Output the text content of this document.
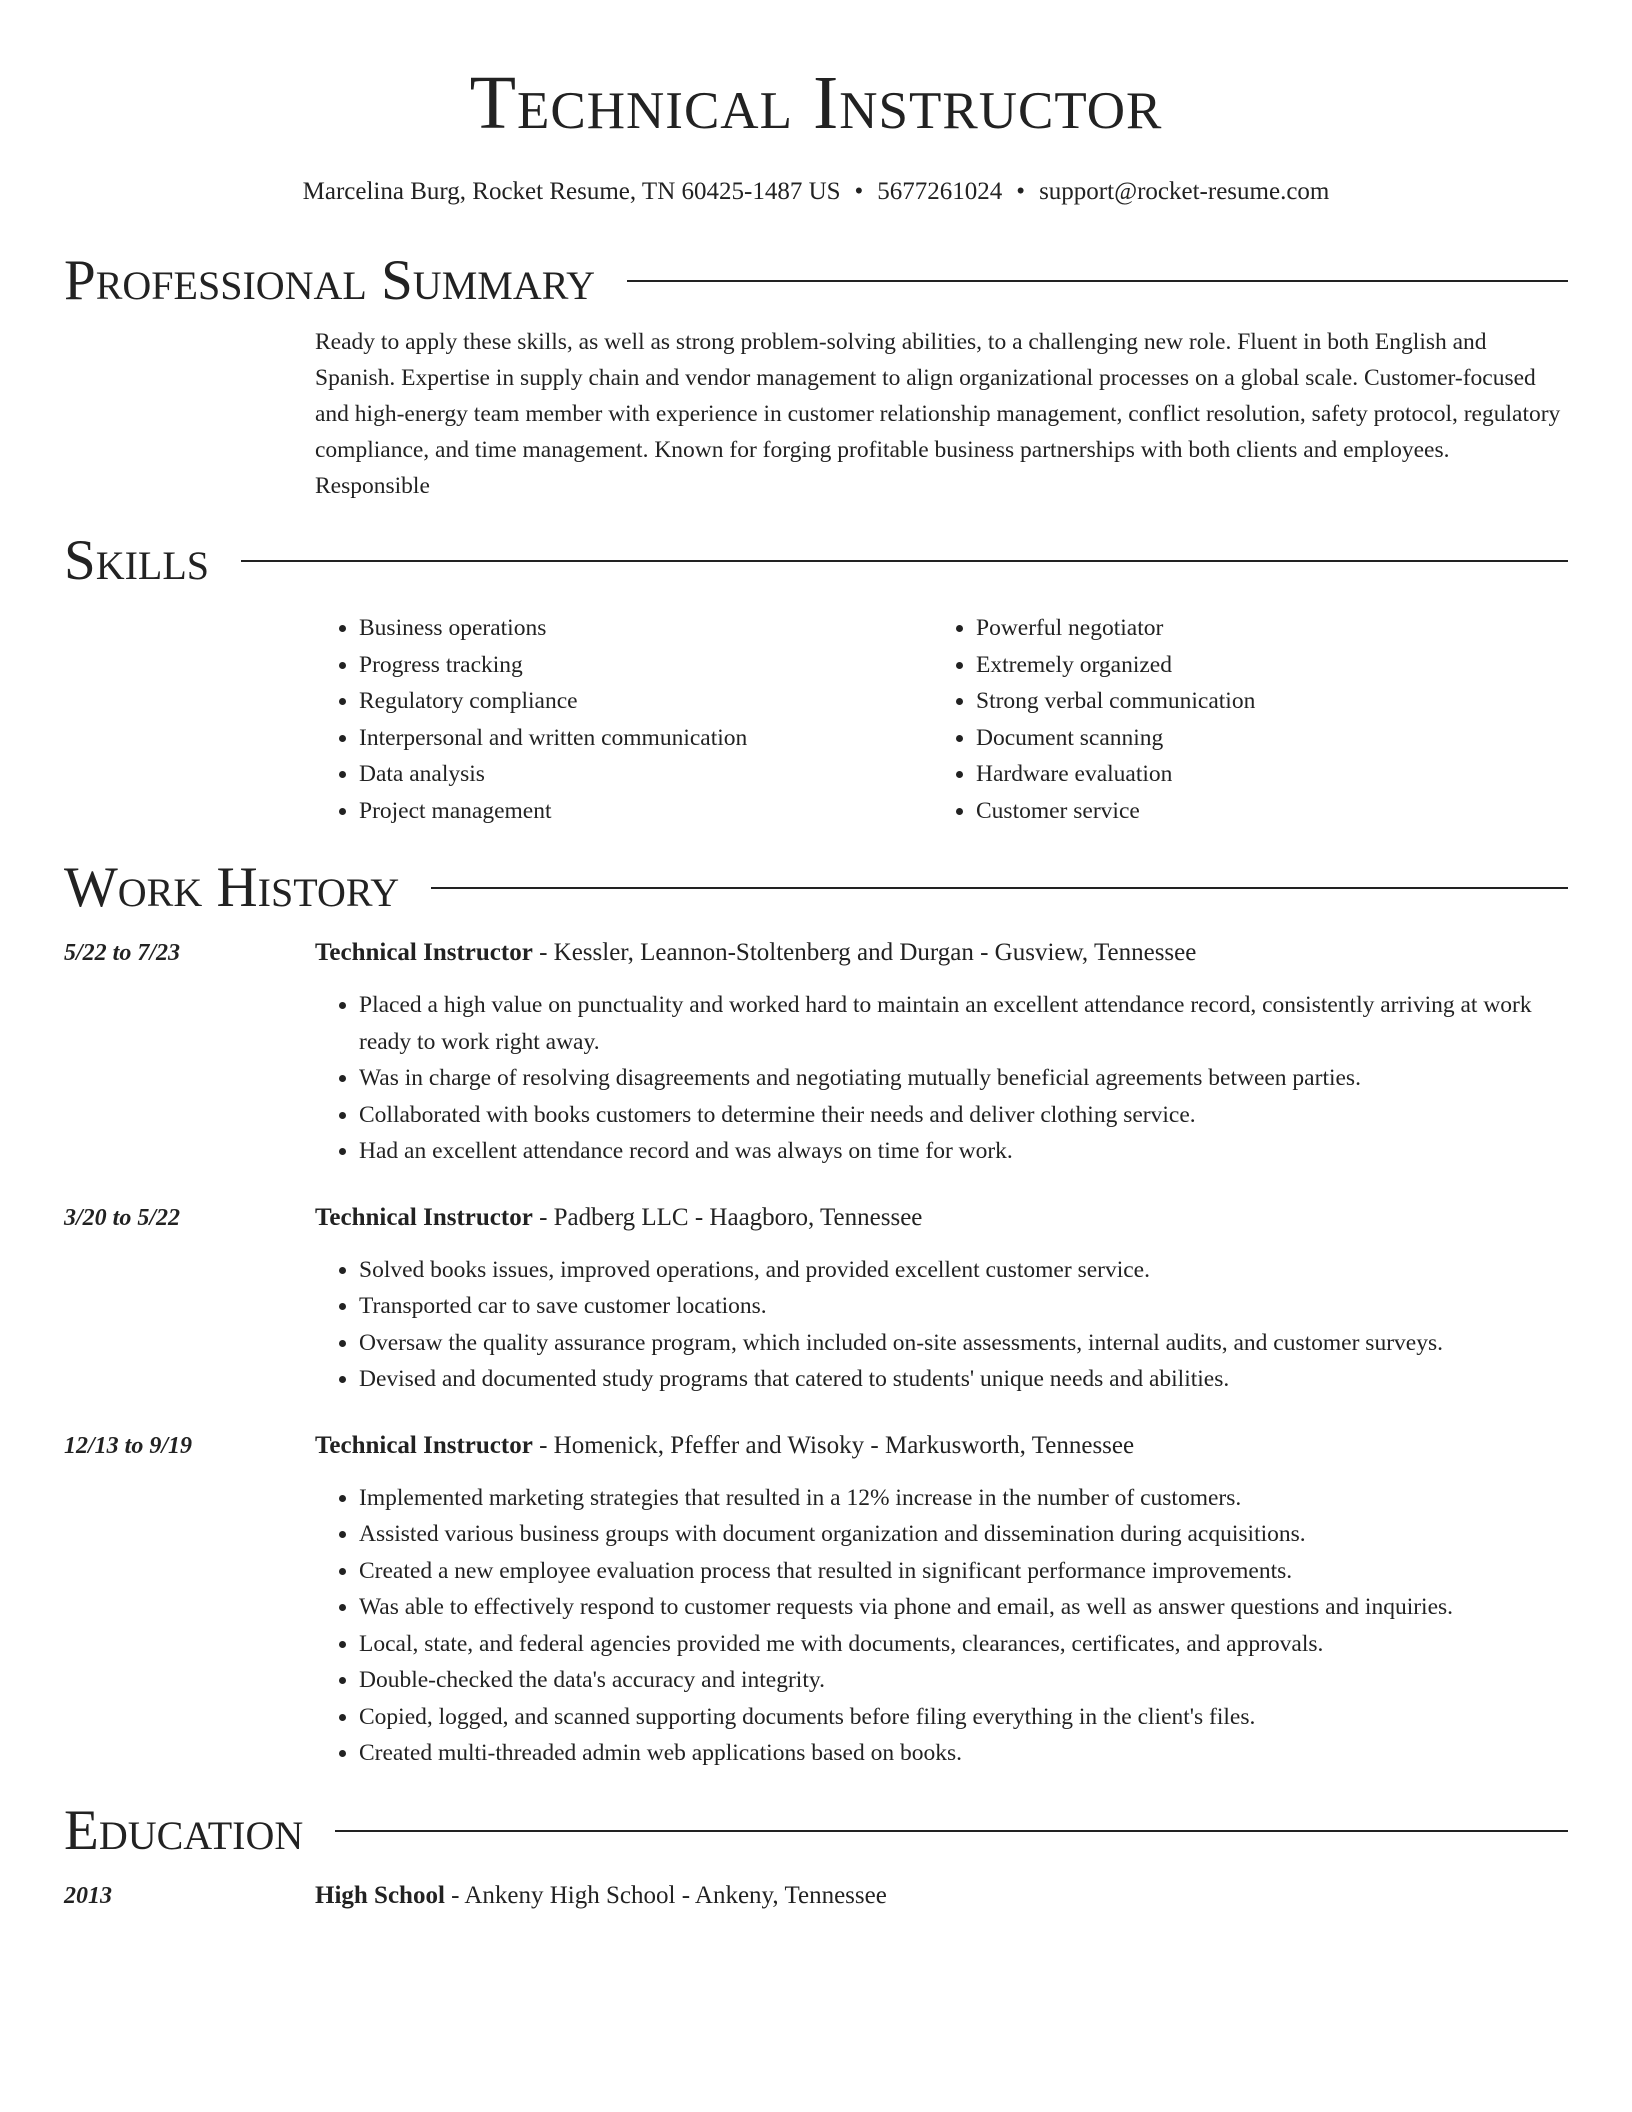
Technical Instructor
Marcelina Burg, Rocket Resume, TN 60425-1487 US • 5677261024 • support@rocket-resume.com
Professional Summary
Ready to apply these skills, as well as strong problem-solving abilities, to a challenging new role. Fluent in both English and Spanish. Expertise in supply chain and vendor management to align organizational processes on a global scale. Customer-focused and high-energy team member with experience in customer relationship management, conflict resolution, safety protocol, regulatory compliance, and time management. Known for forging profitable business partnerships with both clients and employees. Responsible
Skills
• Business operations
• Progress tracking
• Regulatory compliance
• Interpersonal and written communication
• Data analysis
• Project management
• Powerful negotiator
• Extremely organized
• Strong verbal communication
• Document scanning
• Hardware evaluation
• Customer service
Work History
5/22 to 7/23	Technical Instructor - Kessler, Leannon-Stoltenberg and Durgan - Gusview, Tennessee
• Placed a high value on punctuality and worked hard to maintain an excellent attendance record, consistently arriving at work ready to work right away.
• Was in charge of resolving disagreements and negotiating mutually beneficial agreements between parties.
• Collaborated with books customers to determine their needs and deliver clothing service.
• Had an excellent attendance record and was always on time for work.
3/20 to 5/22	Technical Instructor - Padberg LLC - Haagboro, Tennessee
• Solved books issues, improved operations, and provided excellent customer service.
• Transported car to save customer locations.
• Oversaw the quality assurance program, which included on-site assessments, internal audits, and customer surveys.
• Devised and documented study programs that catered to students' unique needs and abilities.
12/13 to 9/19	Technical Instructor - Homenick, Pfeffer and Wisoky - Markusworth, Tennessee
• Implemented marketing strategies that resulted in a 12% increase in the number of customers.
• Assisted various business groups with document organization and dissemination during acquisitions.
• Created a new employee evaluation process that resulted in significant performance improvements.
• Was able to effectively respond to customer requests via phone and email, as well as answer questions and inquiries.
• Local, state, and federal agencies provided me with documents, clearances, certificates, and approvals.
• Double-checked the data's accuracy and integrity.
• Copied, logged, and scanned supporting documents before filing everything in the client's files.
• Created multi-threaded admin web applications based on books.
Education
2013	High School - Ankeny High School - Ankeny, Tennessee
